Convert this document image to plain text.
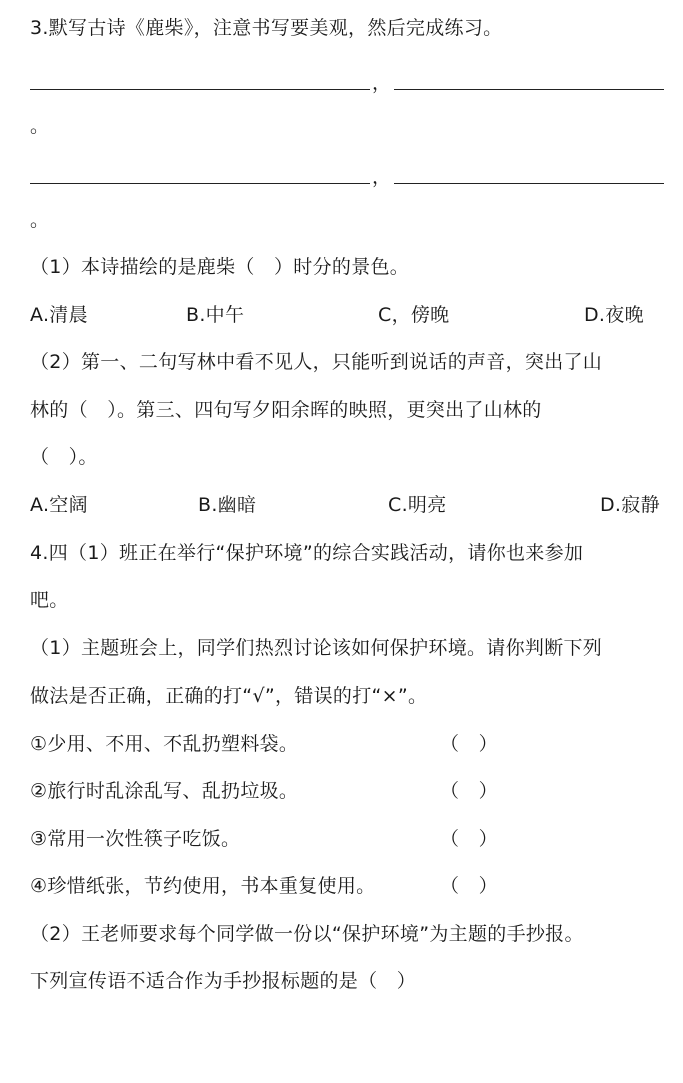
3.默写古诗《鹿柴》，注意书写要美观，然后完成练习。
，
。
，
。
（1）本诗描绘的是鹿柴（　）时分的景色。
A.清晨	B.中午	C，傍晚	D.夜晚
（2）第一、二句写林中看不见人，只能听到说话的声音，突出了山
林的（　）。第三、四句写夕阳余晖的映照，更突出了山林的
（　）。
A.空阔	B.幽暗	C.明亮	D.寂静
4.四（1）班正在举行“保护环境”的综合实践活动，请你也来参加
吧。
（1）主题班会上，同学们热烈讨论该如何保护环境。请你判断下列
做法是否正确，正确的打“√”，错误的打“×”。
①少用、不用、不乱扔塑料袋。	（　）
②旅行时乱涂乱写、乱扔垃圾。	（　）
③常用一次性筷子吃饭。	（　）
④珍惜纸张，节约使用，书本重复使用。	（　）
（2）王老师要求每个同学做一份以“保护环境”为主题的手抄报。
下列宣传语不适合作为手抄报标题的是（　）
